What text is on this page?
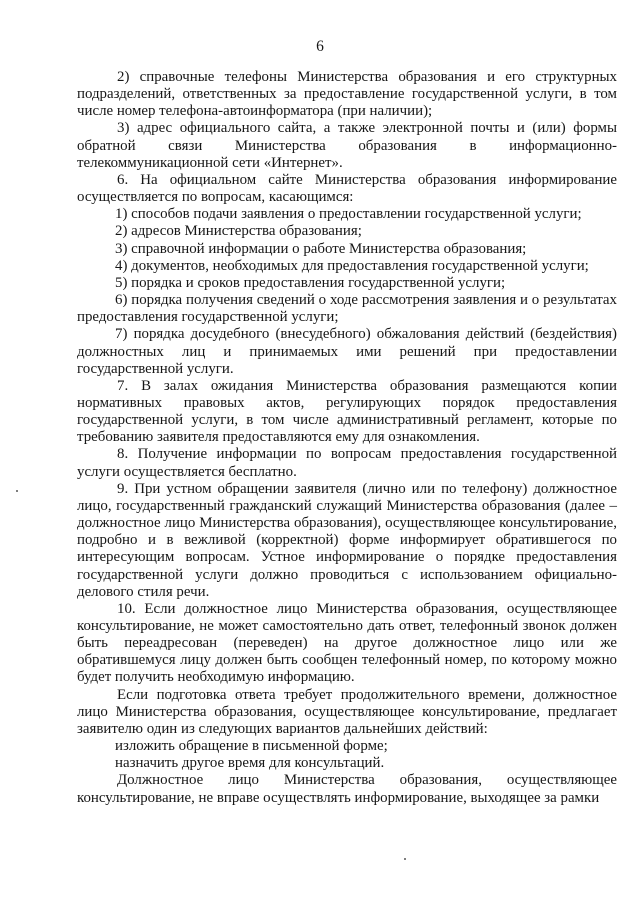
6

2) справочные телефоны Министерства образования и его структурных подразделений, ответственных за предоставление государственной услуги, в том числе номер телефона-автоинформатора (при наличии);

3) адрес официального сайта, а также электронной почты и (или) формы обратной связи Министерства образования в информационно-телекоммуникационной сети «Интернет».

6. На официальном сайте Министерства образования информирование осуществляется по вопросам, касающимся:

1) способов подачи заявления о предоставлении государственной услуги;

2) адресов Министерства образования;

3) справочной информации о работе Министерства образования;

4) документов, необходимых для предоставления государственной услуги;

5) порядка и сроков предоставления государственной услуги;

6) порядка получения сведений о ходе рассмотрения заявления и о результатах предоставления государственной услуги;

7) порядка досудебного (внесудебного) обжалования действий (бездействия) должностных лиц и принимаемых ими решений при предоставлении государственной услуги.

7. В залах ожидания Министерства образования размещаются копии нормативных правовых актов, регулирующих порядок предоставления государственной услуги, в том числе административный регламент, которые по требованию заявителя предоставляются ему для ознакомления.

8. Получение информации по вопросам предоставления государственной услуги осуществляется бесплатно.

9. При устном обращении заявителя (лично или по телефону) должностное лицо, государственный гражданский служащий Министерства образования (далее – должностное лицо Министерства образования), осуществляющее консультирование, подробно и в вежливой (корректной) форме информирует обратившегося по интересующим вопросам. Устное информирование о порядке предоставления государственной услуги должно проводиться с использованием официально-делового стиля речи.

10. Если должностное лицо Министерства образования, осуществляющее консультирование, не может самостоятельно дать ответ, телефонный звонок должен быть переадресован (переведен) на другое должностное лицо или же обратившемуся лицу должен быть сообщен телефонный номер, по которому можно будет получить необходимую информацию.

Если подготовка ответа требует продолжительного времени, должностное лицо Министерства образования, осуществляющее консультирование, предлагает заявителю один из следующих вариантов дальнейших действий:

изложить обращение в письменной форме;

назначить другое время для консультаций.

Должностное лицо Министерства образования, осуществляющее консультирование, не вправе осуществлять информирование, выходящее за рамки
